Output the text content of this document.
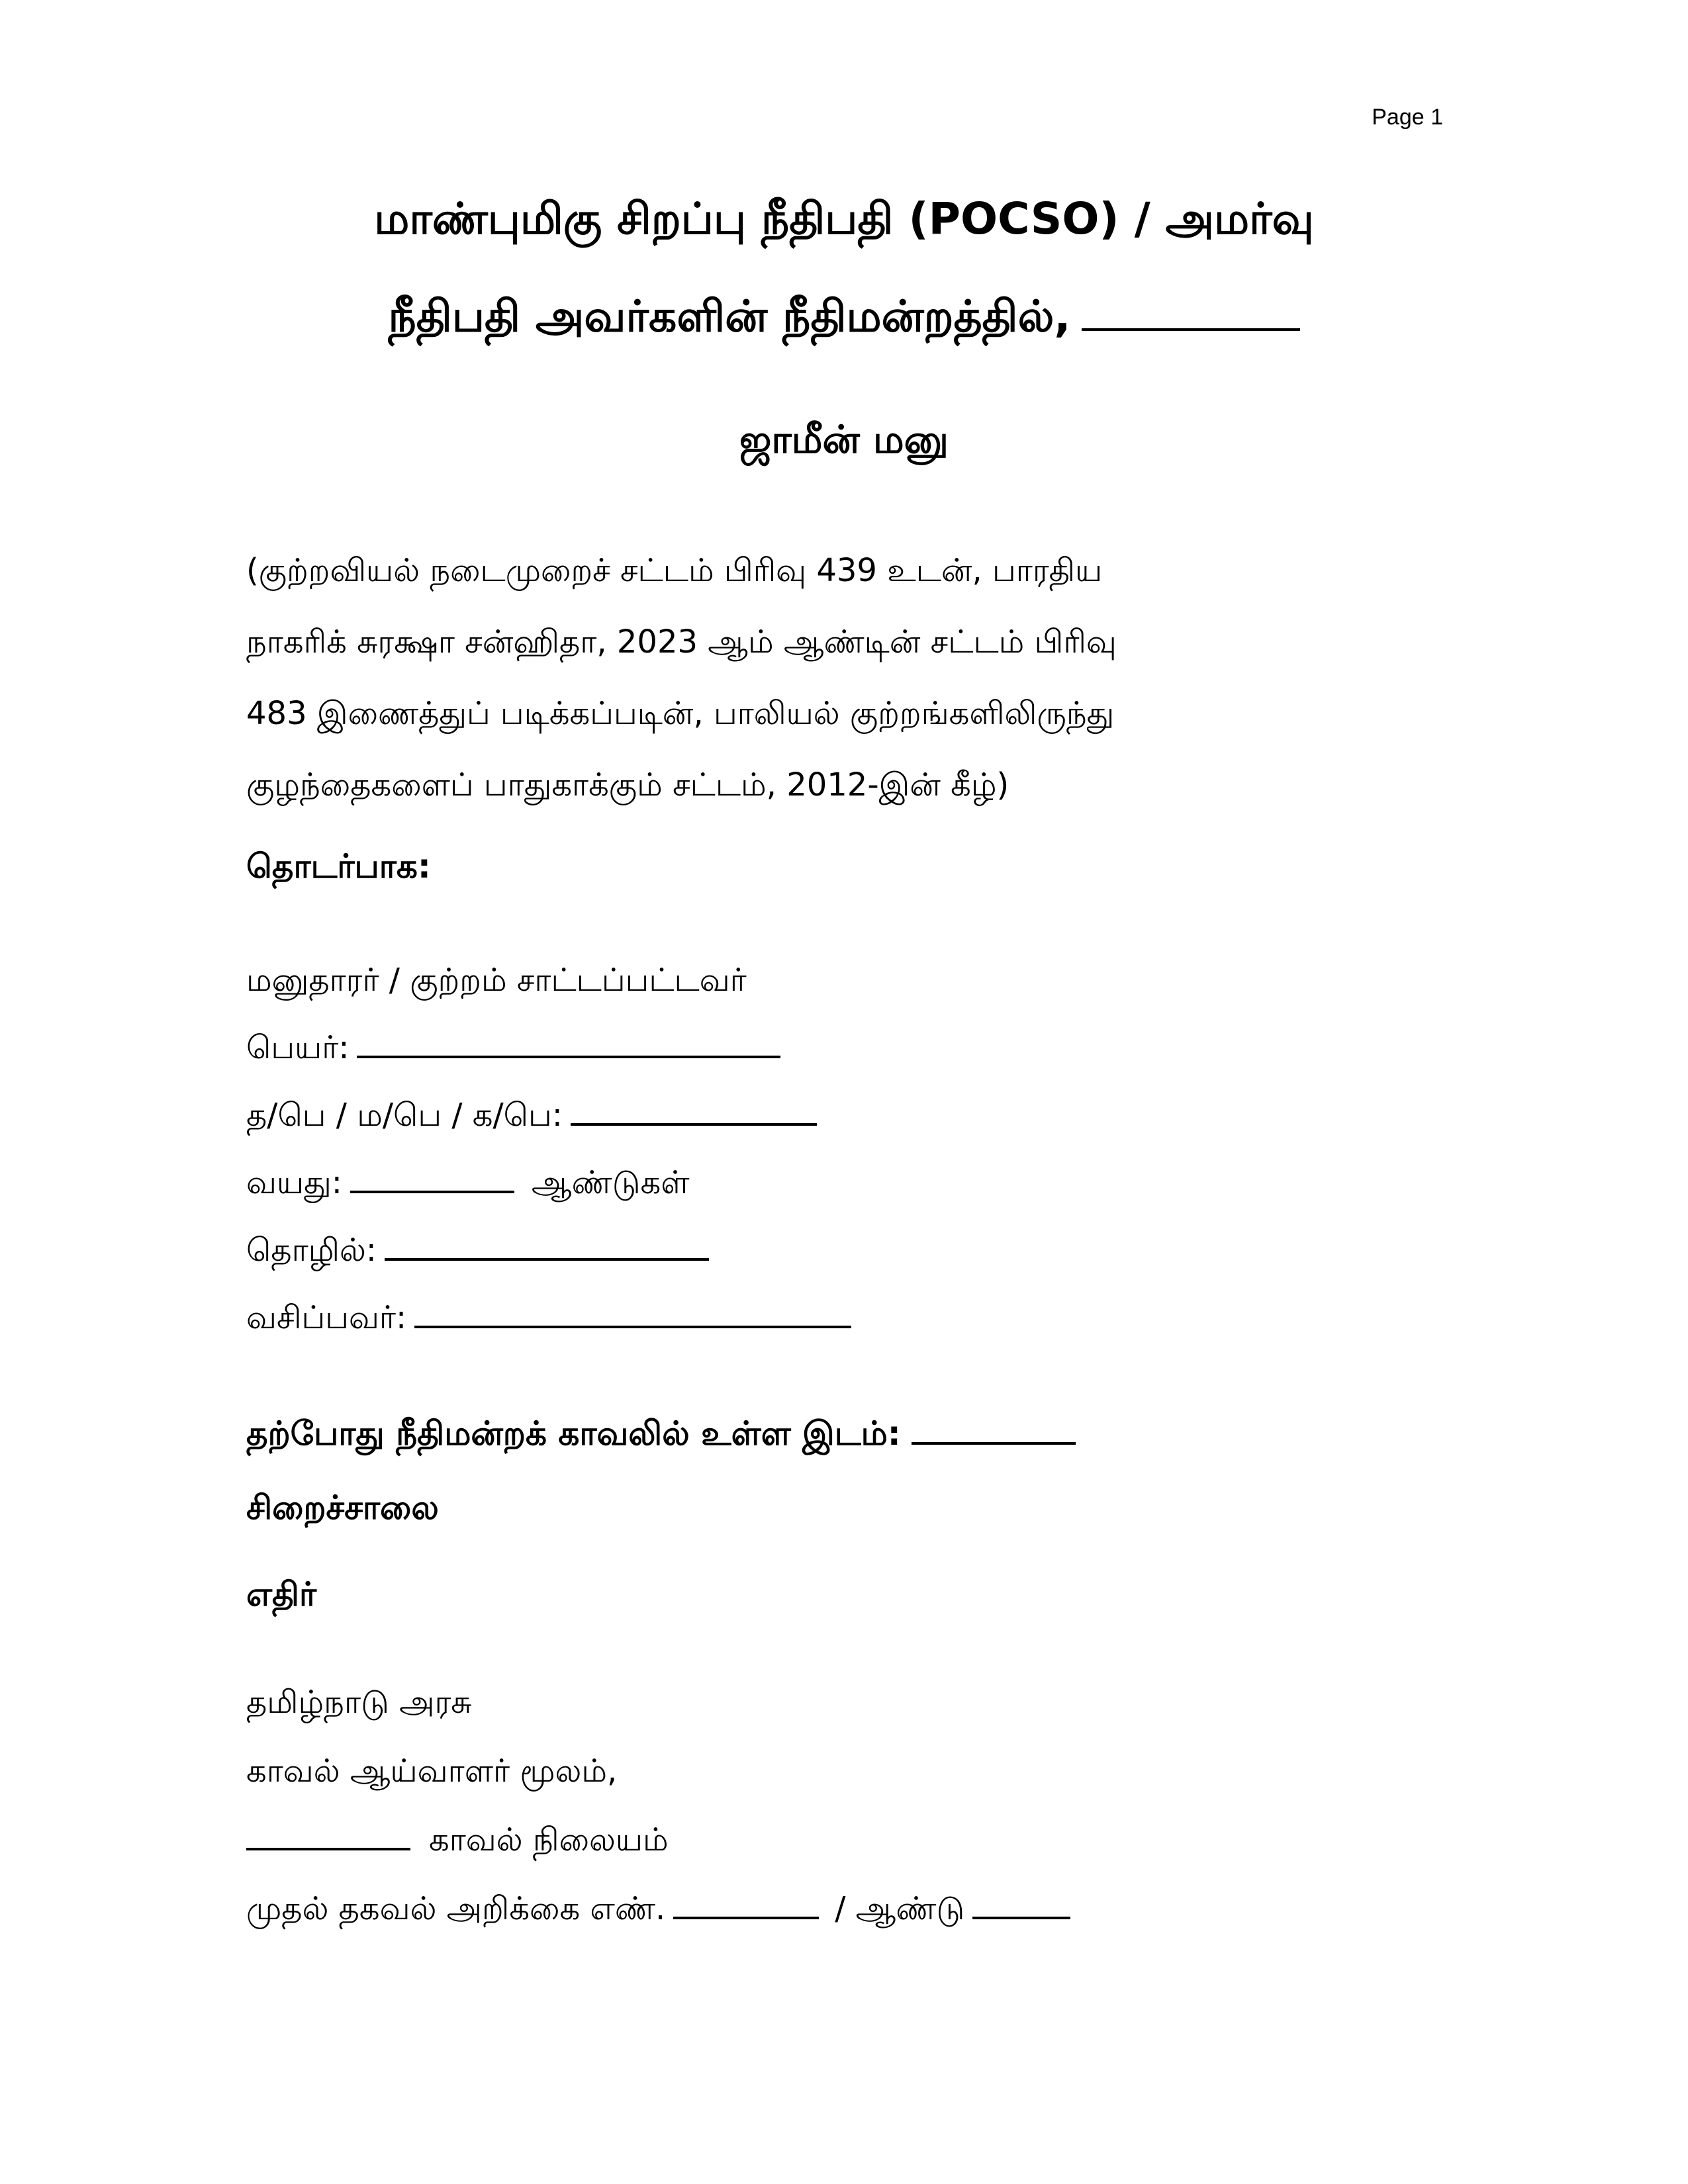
Page 1
மாண்புமிகு சிறப்பு நீதிபதி (POCSO) / அமர்வு
நீதிபதி அவர்களின் நீதிமன்றத்தில்,
ஜாமீன் மனு
(குற்றவியல் நடைமுறைச் சட்டம் பிரிவு 439 உடன், பாரதிய
நாகரிக் சுரக்ஷா சன்ஹிதா, 2023 ஆம் ஆண்டின் சட்டம் பிரிவு
483 இணைத்துப் படிக்கப்படின், பாலியல் குற்றங்களிலிருந்து
குழந்தைகளைப் பாதுகாக்கும் சட்டம், 2012-இன் கீழ்)
தொடர்பாக:
மனுதாரர் / குற்றம் சாட்டப்பட்டவர்
பெயர்:
த/பெ / ம/பெ / க/பெ:
வயது:	ஆண்டுகள்
தொழில்:
வசிப்பவர்:
தற்போது நீதிமன்றக் காவலில் உள்ள இடம்:
சிறைச்சாலை
எதிர்
தமிழ்நாடு அரசு
காவல் ஆய்வாளர் மூலம்,
காவல் நிலையம்
முதல் தகவல் அறிக்கை எண்.	/ ஆண்டு
